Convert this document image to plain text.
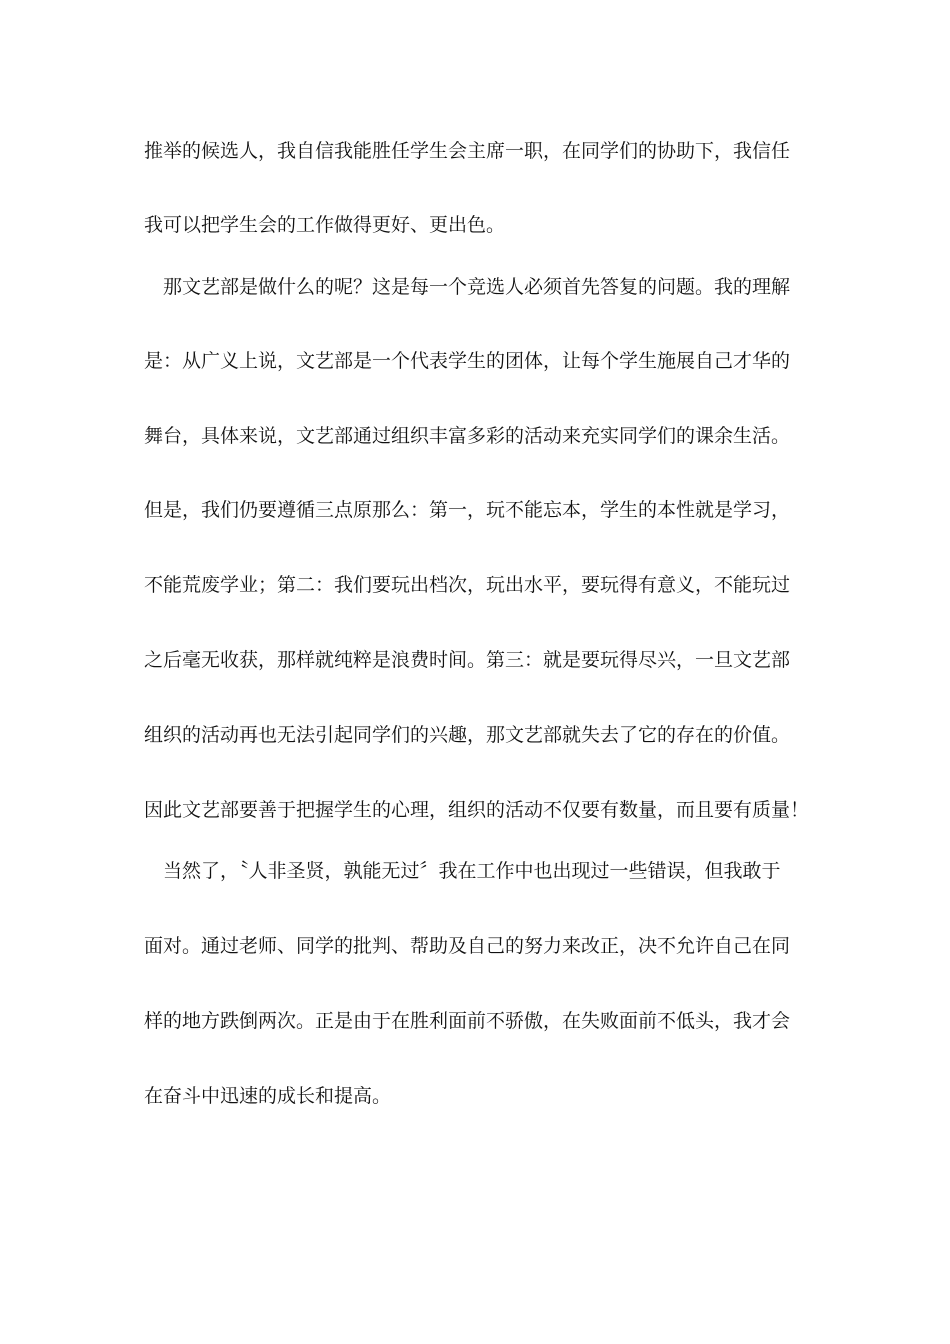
推举的候选人，我自信我能胜任学生会主席一职，在同学们的协助下，我信任
我可以把学生会的工作做得更好、更出色。
那文艺部是做什么的呢？这是每一个竞选人必须首先答复的问题。我的理解
是：从广义上说，文艺部是一个代表学生的团体，让每个学生施展自己才华的
舞台，具体来说，文艺部通过组织丰富多彩的活动来充实同学们的课余生活。
但是，我们仍要遵循三点原那么：第一，玩不能忘本，学生的本性就是学习，
不能荒废学业；第二：我们要玩出档次，玩出水平，要玩得有意义，不能玩过
之后毫无收获，那样就纯粹是浪费时间。第三：就是要玩得尽兴，一旦文艺部
组织的活动再也无法引起同学们的兴趣，那文艺部就失去了它的存在的价值。
因此文艺部要善于把握学生的心理，组织的活动不仅要有数量，而且要有质量！
当然了，〝人非圣贤，孰能无过〞我在工作中也出现过一些错误，但我敢于
面对。通过老师、同学的批判、帮助及自己的努力来改正，决不允许自己在同
样的地方跌倒两次。正是由于在胜利面前不骄傲，在失败面前不低头，我才会
在奋斗中迅速的成长和提高。
